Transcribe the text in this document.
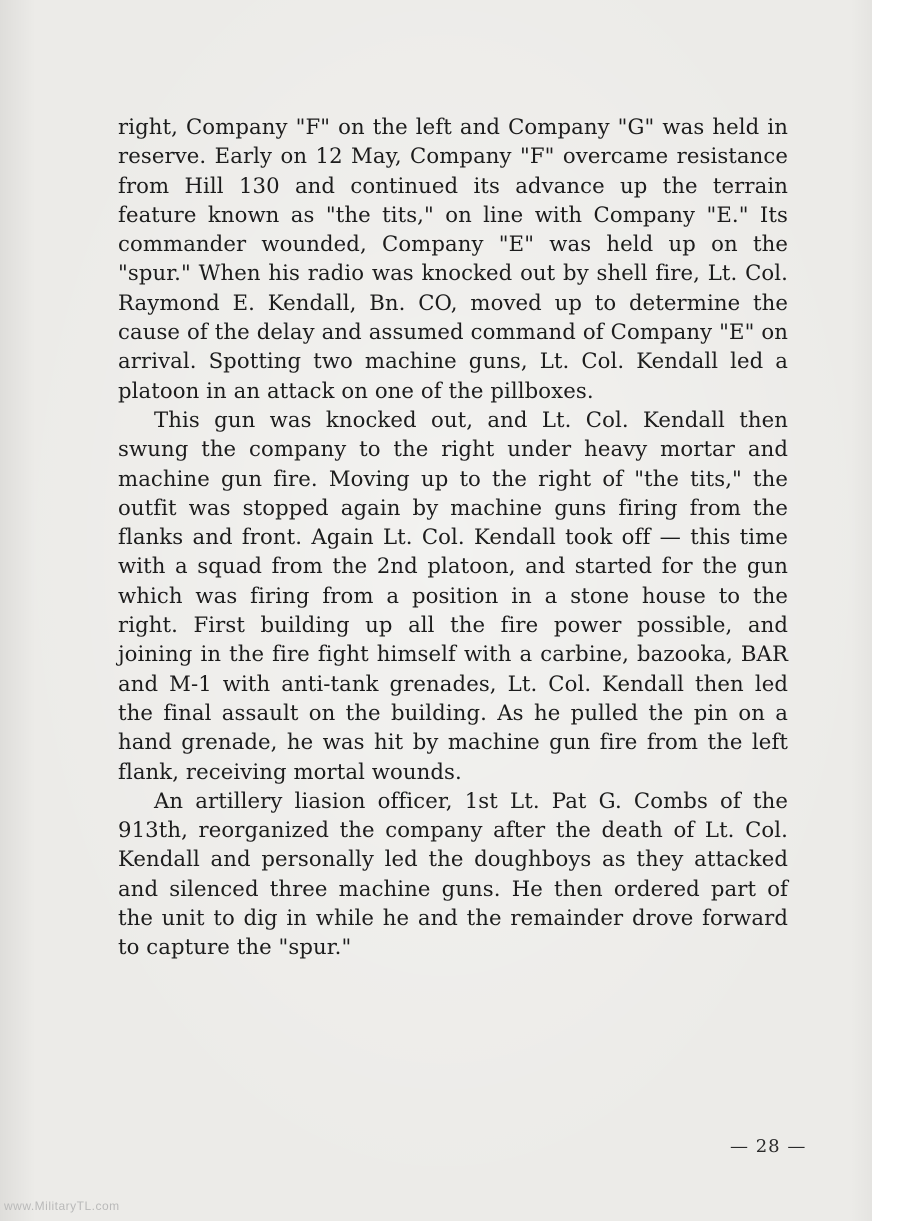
right, Company "F" on the left and Company "G" was held in reserve. Early on 12 May, Company "F" overcame resistance from Hill 130 and continued its advance up the terrain feature known as "the tits," on line with Company "E." Its commander wounded, Company "E" was held up on the "spur." When his radio was knocked out by shell fire, Lt. Col. Raymond E. Kendall, Bn. CO, moved up to determine the cause of the delay and assumed command of Company "E" on arrival. Spotting two machine guns, Lt. Col. Kendall led a platoon in an attack on one of the pillboxes.

This gun was knocked out, and Lt. Col. Kendall then swung the company to the right under heavy mortar and machine gun fire. Moving up to the right of "the tits," the outfit was stopped again by machine guns firing from the flanks and front. Again Lt. Col. Kendall took off — this time with a squad from the 2nd platoon, and started for the gun which was firing from a position in a stone house to the right. First building up all the fire power possible, and joining in the fire fight himself with a carbine, bazooka, BAR and M-1 with anti-tank grenades, Lt. Col. Kendall then led the final assault on the building. As he pulled the pin on a hand grenade, he was hit by machine gun fire from the left flank, receiving mortal wounds.

An artillery liasion officer, 1st Lt. Pat G. Combs of the 913th, reorganized the company after the death of Lt. Col. Kendall and personally led the doughboys as they attacked and silenced three machine guns. He then ordered part of the unit to dig in while he and the remainder drove forward to capture the "spur."

— 28 —
www.MilitaryTL.com
